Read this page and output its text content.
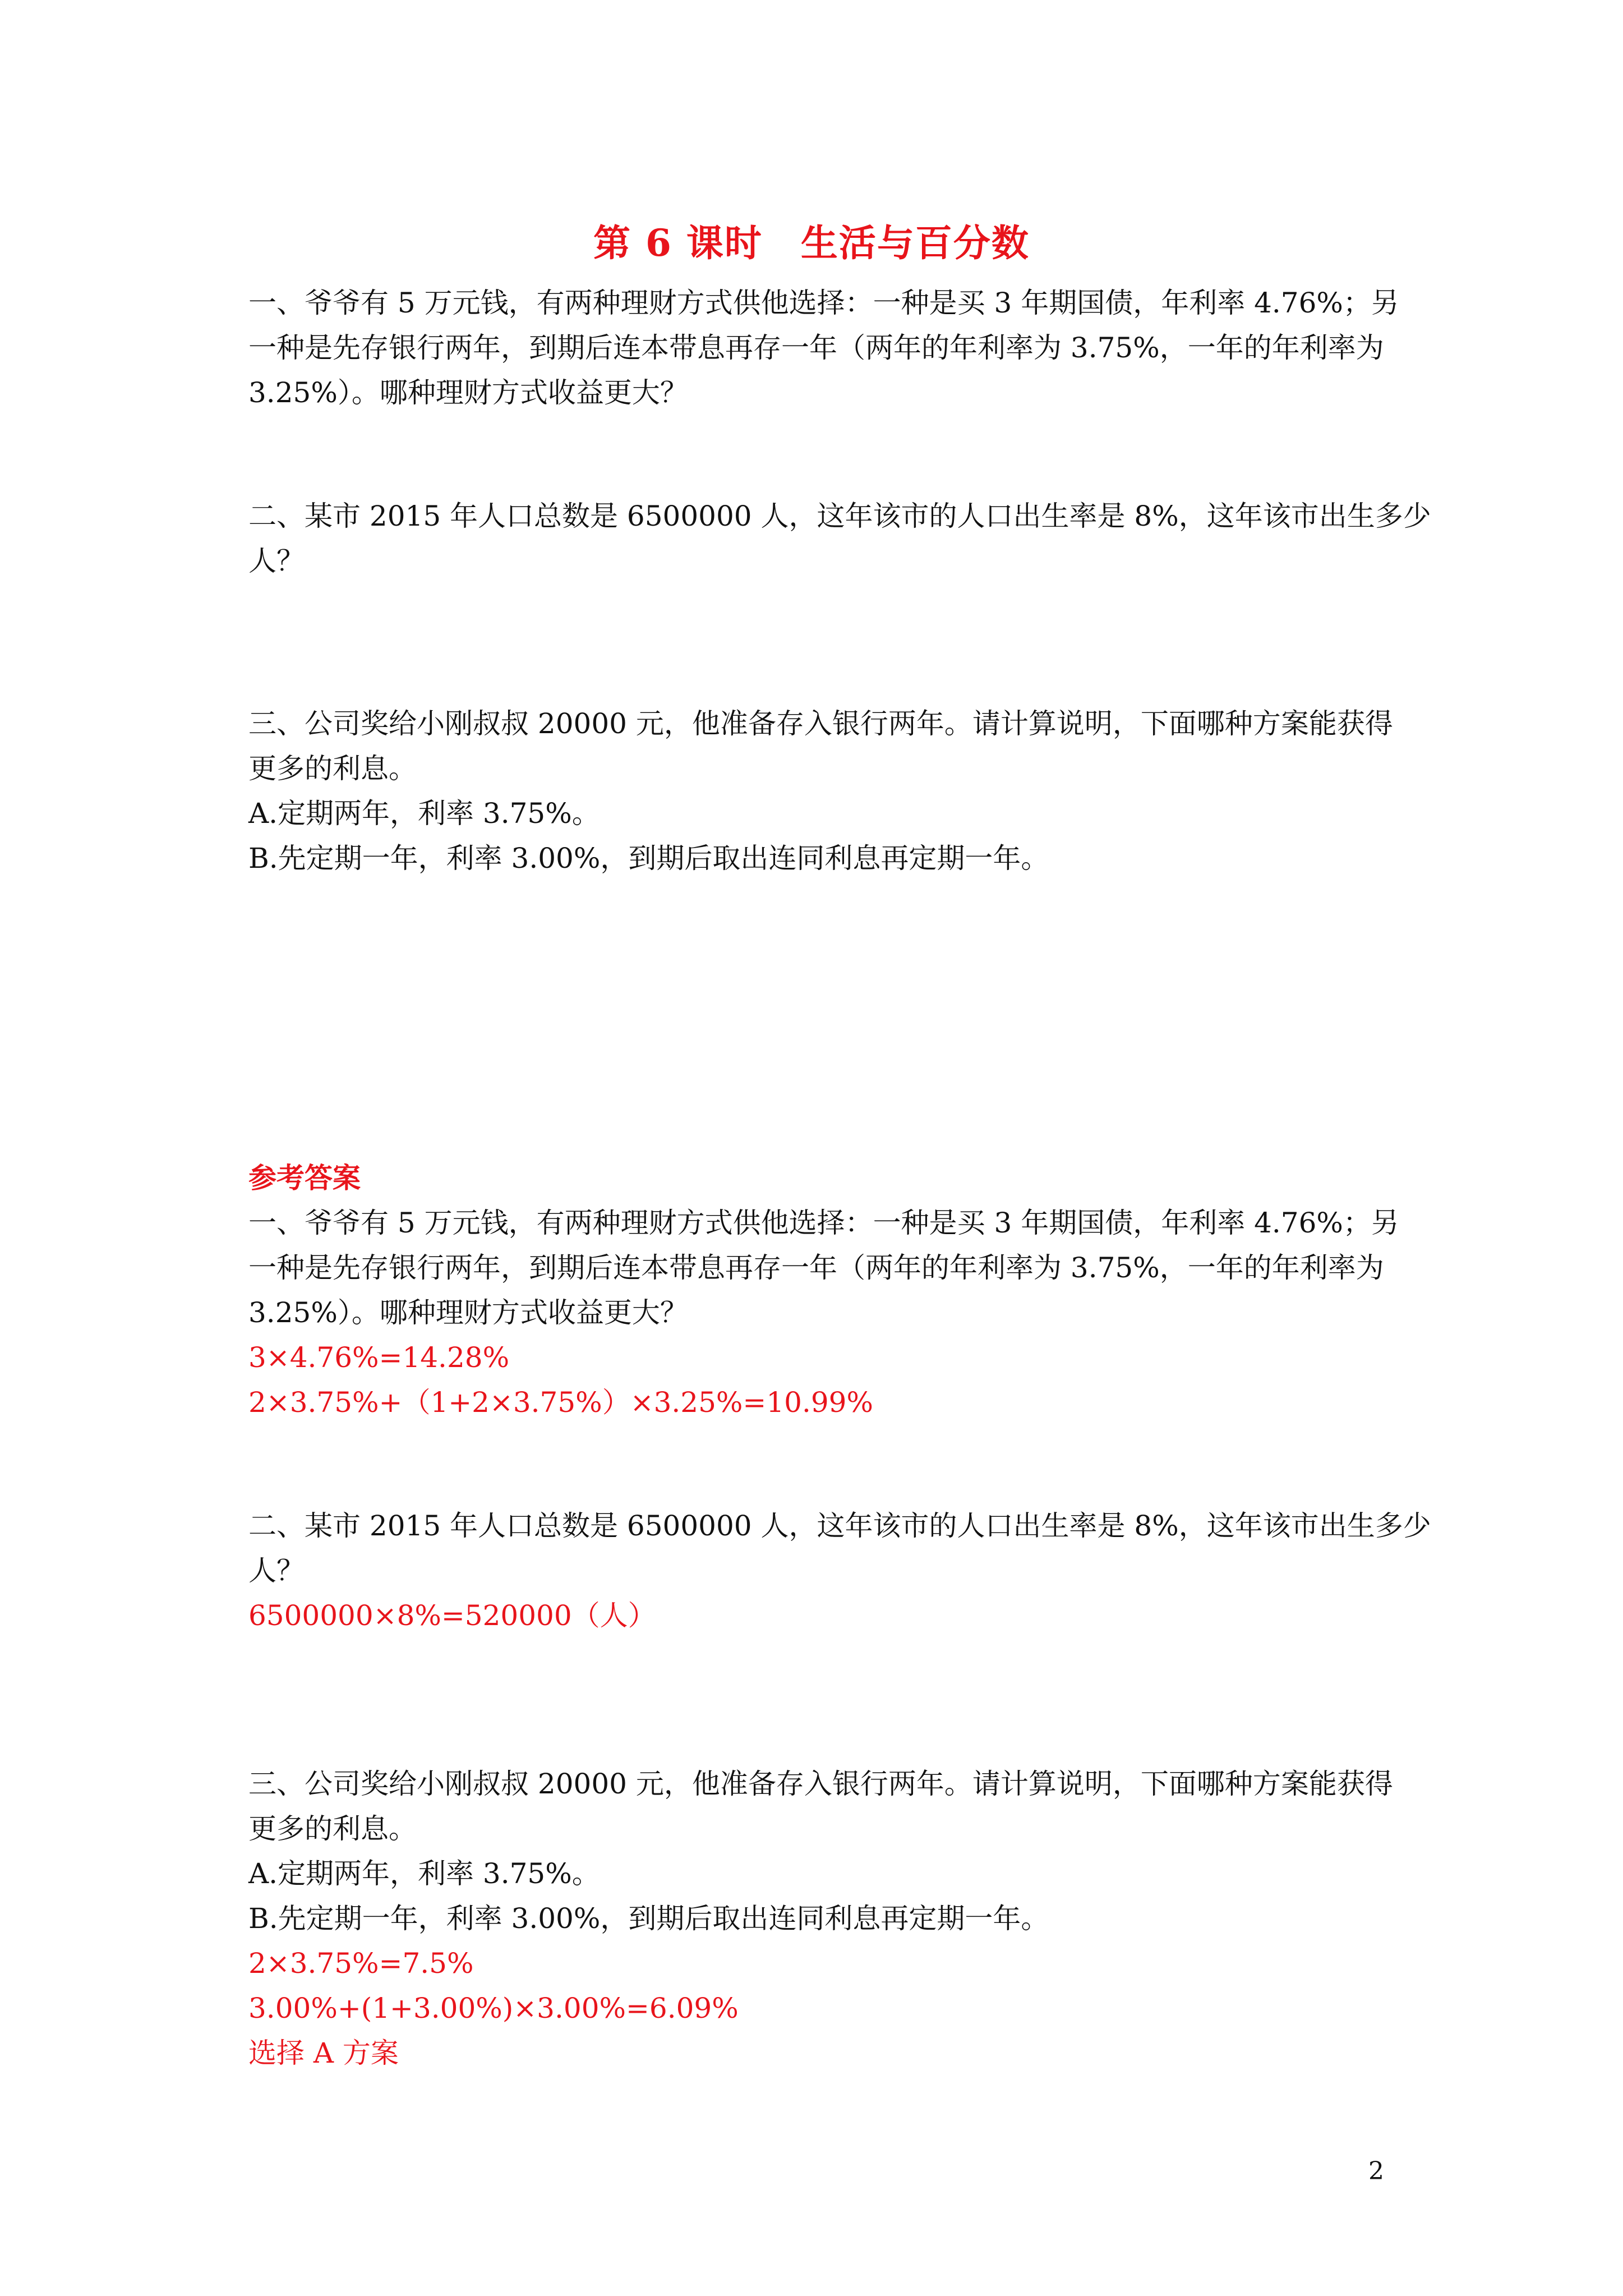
第 6 课时　生活与百分数
一、爷爷有 5 万元钱，有两种理财方式供他选择：一种是买 3 年期国债，年利率 4.76%；另
一种是先存银行两年，到期后连本带息再存一年（两年的年利率为 3.75%，一年的年利率为
3.25%）。哪种理财方式收益更大？
二、某市 2015 年人口总数是 6500000 人，这年该市的人口出生率是 8%，这年该市出生多少
人？
三、公司奖给小刚叔叔 20000 元，他准备存入银行两年。请计算说明，下面哪种方案能获得
更多的利息。
A.定期两年，利率 3.75%。
B.先定期一年，利率 3.00%，到期后取出连同利息再定期一年。
参考答案
一、爷爷有 5 万元钱，有两种理财方式供他选择：一种是买 3 年期国债，年利率 4.76%；另
一种是先存银行两年，到期后连本带息再存一年（两年的年利率为 3.75%，一年的年利率为
3.25%）。哪种理财方式收益更大？
3×4.76%=14.28%
2×3.75%+（1+2×3.75%）×3.25%=10.99%
二、某市 2015 年人口总数是 6500000 人，这年该市的人口出生率是 8%，这年该市出生多少
人？
6500000×8%=520000（人）
三、公司奖给小刚叔叔 20000 元，他准备存入银行两年。请计算说明，下面哪种方案能获得
更多的利息。
A.定期两年，利率 3.75%。
B.先定期一年，利率 3.00%，到期后取出连同利息再定期一年。
2×3.75%=7.5%
3.00%+(1+3.00%)×3.00%=6.09%
选择 A 方案
2
